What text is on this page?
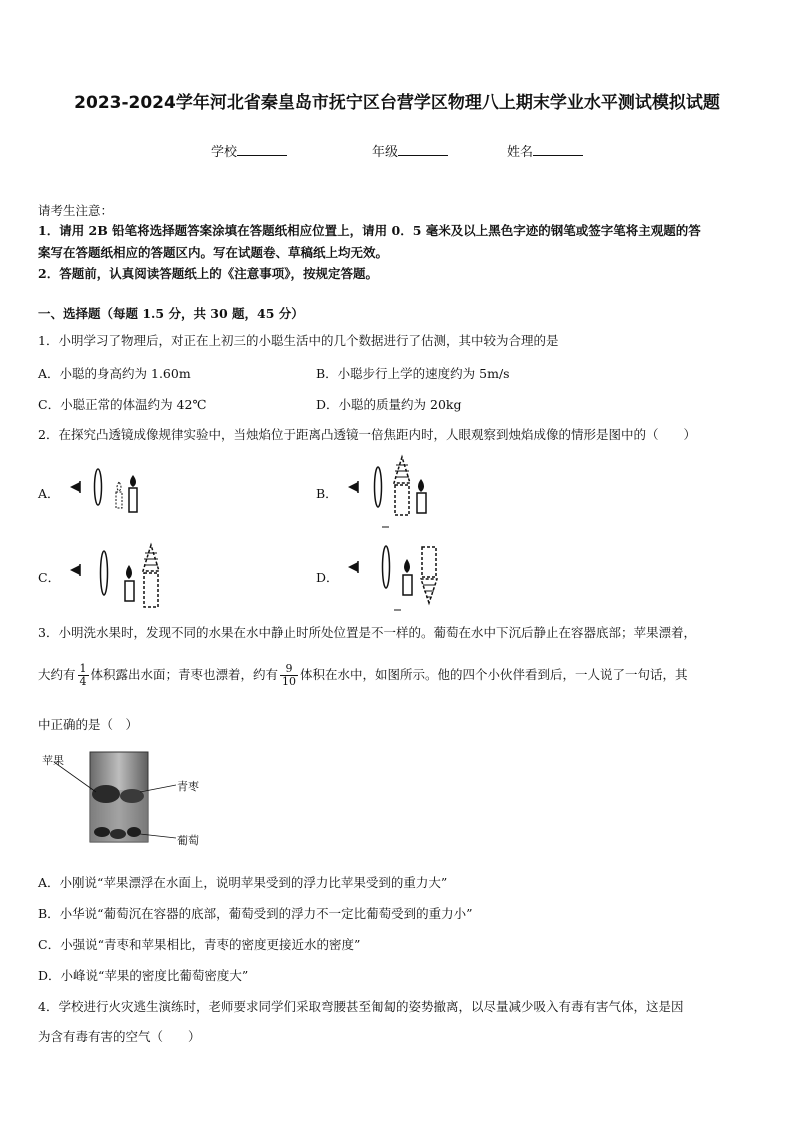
2023-2024学年河北省秦皇岛市抚宁区台营学区物理八上期末学业水平测试模拟试题
学校	年级	姓名
请考生注意：
1．请用 2B 铅笔将选择题答案涂填在答题纸相应位置上，请用 0．5 毫米及以上黑色字迹的钢笔或签字笔将主观题的答
案写在答题纸相应的答题区内。写在试题卷、草稿纸上均无效。
2．答题前，认真阅读答题纸上的《注意事项》，按规定答题。
一、选择题（每题 1.5 分，共 30 题，45 分）
1．小明学习了物理后，对正在上初三的小聪生活中的几个数据进行了估测，其中较为合理的是
A．小聪的身高约为 1.60m	B．小聪步行上学的速度约为 5m/s
C．小聪正常的体温约为 42℃	D．小聪的质量约为 20kg
2．在探究凸透镜成像规律实验中，当烛焰位于距离凸透镜一倍焦距内时，人眼观察到烛焰成像的情形是图中的（　　）
A．	B．
C．	D．
3．小明洗水果时，发现不同的水果在水中静止时所处位置是不一样的。葡萄在水中下沉后静止在容器底部；苹果漂着，
大约有 $\frac{1}{4}$ 体积露出水面；青枣也漂着，约有 $\frac{9}{10}$ 体积在水中，如图所示。他的四个小伙伴看到后，一人说了一句话，其
中正确的是（　）
苹果
青枣
葡萄
A．小刚说“苹果漂浮在水面上，说明苹果受到的浮力比苹果受到的重力大”
B．小华说“葡萄沉在容器的底部，葡萄受到的浮力不一定比葡萄受到的重力小”
C．小强说“青枣和苹果相比，青枣的密度更接近水的密度”
D．小峰说“苹果的密度比葡萄密度大”
4．学校进行火灾逃生演练时，老师要求同学们采取弯腰甚至匍匐的姿势撤离，以尽量减少吸入有毒有害气体，这是因
为含有毒有害的空气（　　）
